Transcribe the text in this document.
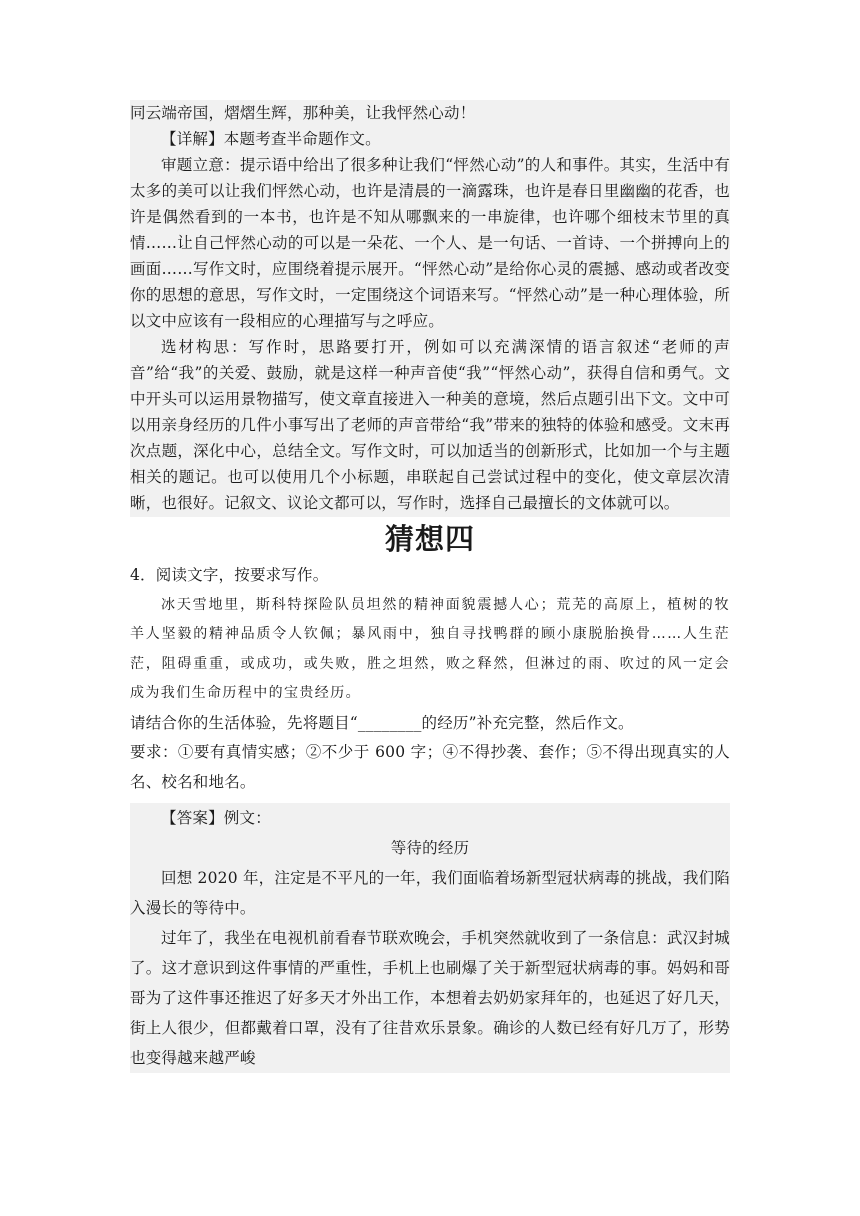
同云端帝国，熠熠生辉，那种美，让我怦然心动！

【详解】本题考查半命题作文。

审题立意：提示语中给出了很多种让我们“怦然心动”的人和事件。其实，生活中有太多的美可以让我们怦然心动，也许是清晨的一滴露珠，也许是春日里幽幽的花香，也许是偶然看到的一本书，也许是不知从哪飘来的一串旋律，也许哪个细枝末节里的真情……让自己怦然心动的可以是一朵花、一个人、是一句话、一首诗、一个拼搏向上的画面……写作文时，应围绕着提示展开。“怦然心动”是给你心灵的震撼、感动或者改变你的思想的意思，写作文时，一定围绕这个词语来写。“怦然心动”是一种心理体验，所以文中应该有一段相应的心理描写与之呼应。

选材构思：写作时，思路要打开，例如可以充满深情的语言叙述“老师的声音”给“我”的关爱、鼓励，就是这样一种声音使“我”“怦然心动”，获得自信和勇气。文中开头可以运用景物描写，使文章直接进入一种美的意境，然后点题引出下文。文中可以用亲身经历的几件小事写出了老师的声音带给“我”带来的独特的体验和感受。文末再次点题，深化中心，总结全文。写作文时，可以加适当的创新形式，比如加一个与主题相关的题记。也可以使用几个小标题，串联起自己尝试过程中的变化，使文章层次清晰，也很好。记叙文、议论文都可以，写作时，选择自己最擅长的文体就可以。

猜想四

4．阅读文字，按要求写作。

冰天雪地里，斯科特探险队员坦然的精神面貌震撼人心；荒芜的高原上，植树的牧羊人坚毅的精神品质令人钦佩；暴风雨中，独自寻找鸭群的顾小康脱胎换骨……人生茫茫，阻碍重重，或成功，或失败，胜之坦然，败之释然，但淋过的雨、吹过的风一定会成为我们生命历程中的宝贵经历。

请结合你的生活体验，先将题目“________的经历”补充完整，然后作文。

要求：①要有真情实感；②不少于 600 字；④不得抄袭、套作；⑤不得出现真实的人名、校名和地名。

【答案】例文：

等待的经历

回想 2020 年，注定是不平凡的一年，我们面临着场新型冠状病毒的挑战，我们陷入漫长的等待中。

过年了，我坐在电视机前看春节联欢晚会，手机突然就收到了一条信息：武汉封城了。这才意识到这件事情的严重性，手机上也刷爆了关于新型冠状病毒的事。妈妈和哥哥为了这件事还推迟了好多天才外出工作，本想着去奶奶家拜年的，也延迟了好几天，街上人很少，但都戴着口罩，没有了往昔欢乐景象。确诊的人数已经有好几万了，形势也变得越来越严峻
